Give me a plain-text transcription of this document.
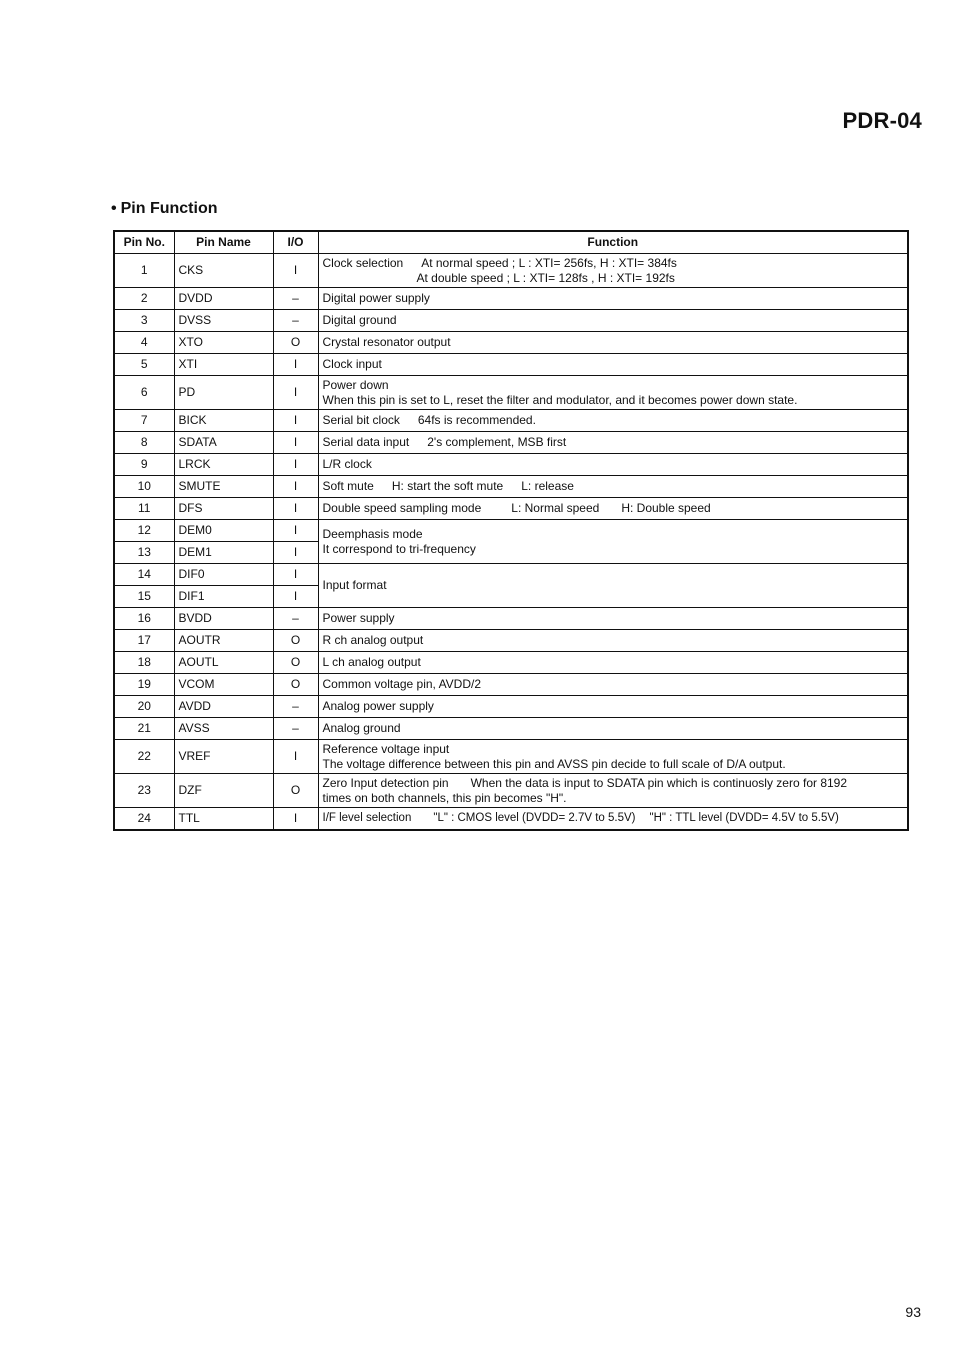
PDR-04
• Pin Function
Pin No.	Pin Name	I/O	Function
1	CKS	I	Clock selection At normal speed ; L : XTI= 256fs, H : XTI= 384fs
At double speed ; L : XTI= 128fs , H : XTI= 192fs

2	DVDD	–	Digital power supply
3	DVSS	–	Digital ground
4	XTO	O	Crystal resonator output
5	XTI	I	Clock input
6	PD	I	Power down
When this pin is set to L, reset the filter and modulator, and it becomes power down state.

7	BICK	I	Serial bit clock 64fs is recommended.
8	SDATA	I	Serial data input 2's complement, MSB first
9	LRCK	I	L/R clock
10	SMUTE	I	Soft mute H: start the soft mute L: release
11	DFS	I	Double speed sampling mode L: Normal speed H: Double speed
12	DEM0	I	Deemphasis mode
It correspond to tri-frequency

13	DEM1	I	
14	DIF0	I	Input format
15	DIF1	I	
16	BVDD	–	Power supply
17	AOUTR	O	R ch analog output
18	AOUTL	O	L ch analog output
19	VCOM	O	Common voltage pin, AVDD/2
20	AVDD	–	Analog power supply
21	AVSS	–	Analog ground
22	VREF	I	Reference voltage input
The voltage difference between this pin and AVSS pin decide to full scale of D/A output.

23	DZF	O	Zero Input detection pin When the data is input to SDATA pin which is continuosly zero for 8192
times on both channels, this pin becomes "H".

24	TTL	I	I/F level selection "L" : CMOS level (DVDD= 2.7V to 5.5V) "H" : TTL level (DVDD= 4.5V to 5.5V)
93
